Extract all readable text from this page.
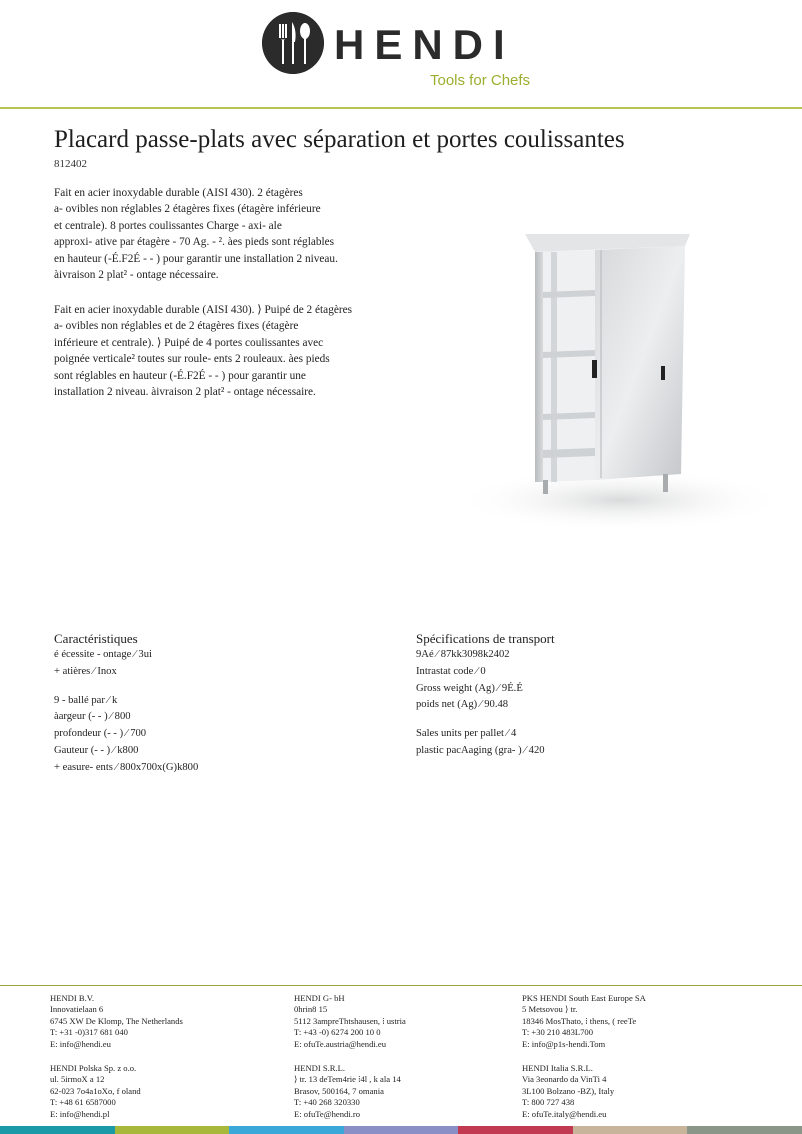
HENDI
Tools for Chefs
Placard passe-plats avec séparation et portes coulissantes
812402

Fait en acier inoxydable durable (AISI 430). 2 étagères

a- ovibles non réglables 2 étagères fixes (étagère inférieure

et centrale). 8 portes coulissantes Charge - axi- ale

approxi- ative par étagère - 70 Ag. - ². àes pieds sont réglables

en hauteur (-É.F2É - - ) pour garantir une installation 2 niveau.

àivraison 2 plat² - ontage nécessaire.

Fait en acier inoxydable durable (AISI 430). ⟩ Puipé de 2 étagères

a- ovibles non réglables et de 2 étagères fixes (étagère

inférieure et centrale). ⟩ Puipé de 4 portes coulissantes avec

poignée verticale² toutes sur roule- ents 2 rouleaux. àes pieds

sont réglables en hauteur (-É.F2É - - ) pour garantir une

installation 2 niveau. àivraison 2 plat² - ontage nécessaire.

Caractéristiques
é écessite - ontage ⁄ 3ui
+ atières ⁄ Inox
9 - ballé par ⁄ k
àargeur (- - ) ⁄ 800
profondeur (- - ) ⁄ 700
Gauteur (- - ) ⁄ k800
+ easure- ents ⁄ 800x700x(G)k800
Spécifications de transport
9Aé ⁄ 87kk3098k2402
Intrastat code ⁄ 0
Gross weight (Ag) ⁄ 9É.É
poids net (Ag) ⁄ 90.48
Sales units per pallet ⁄ 4
plastic pacAaging (gra- ) ⁄ 420
HENDI B.V.
Innovatielaan 6
6745 XW De Klomp, The Netherlands
T: +31 -0)317 681 040
E: info@hendi.eu
HENDI Polska Sp. z o.o.
ul. 5irmoX a 12
62-023 7o4a1oXo, f oland
T: +48 61 6587000
E: info@hendi.pl
HENDI G- bH
0hrin8 15
5112 3ampreThtshausen, ⁞ ustria
T: +43 -0) 6274 200 10 0
E: ofuTe.austria@hendi.eu
HENDI S.R.L.
⟩ tr. 13 deTem4rie ⁞4l , k ala 14
Brasov, 500164, 7 omania
T: +40 268 320330
E: ofuTe@hendi.ro
PKS HENDI South East Europe SA
5 Metsovou ⟩ tr.
18346 MosThato, ⁞ thens, ( reeTe
T: +30 210 483L700
E: info@p1s-hendi.Tom
HENDI Italia S.R.L.
Via 3eonardo da VinTi 4
3L100 Bolzano -BZ), Italy
T: 800 727 438
E: ofuTe.italy@hendi.eu
